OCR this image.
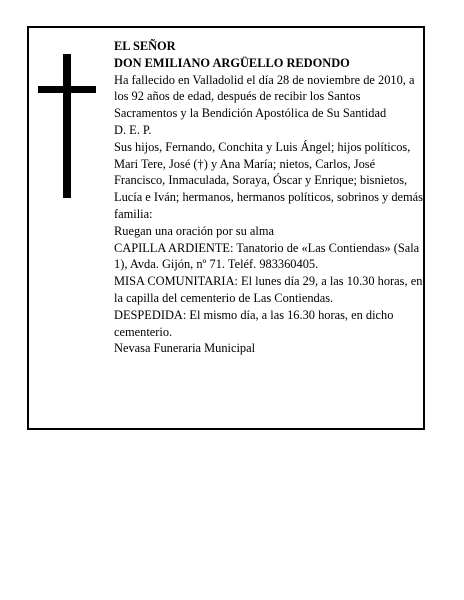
EL SEÑOR

DON EMILIANO ARGÜELLO REDONDO

Ha fallecido en Valladolid el día 28 de noviembre de 2010, a los 92 años de edad, después de recibir los Santos Sacramentos y la Bendición Apostólica de Su Santidad

D. E. P.

Sus hijos, Fernando, Conchita y Luis Ángel; hijos políticos, Mari Tere, José (†) y Ana María; nietos, Carlos, José Francisco, Inmaculada, Soraya, Óscar y Enrique; bisnietos, Lucía e Iván; hermanos, hermanos políticos, sobrinos y demás familia:

Ruegan una oración por su alma

CAPILLA ARDIENTE: Tanatorio de «Las Contiendas» (Sala 1), Avda. Gijón, nº 71. Teléf. 983360405.

MISA COMUNITARIA: El lunes día 29, a las 10.30 horas, en la capilla del cementerio de Las Contiendas.

DESPEDIDA: El mismo día, a las 16.30 horas, en dicho cementerio.

Nevasa Funeraria Municipal
